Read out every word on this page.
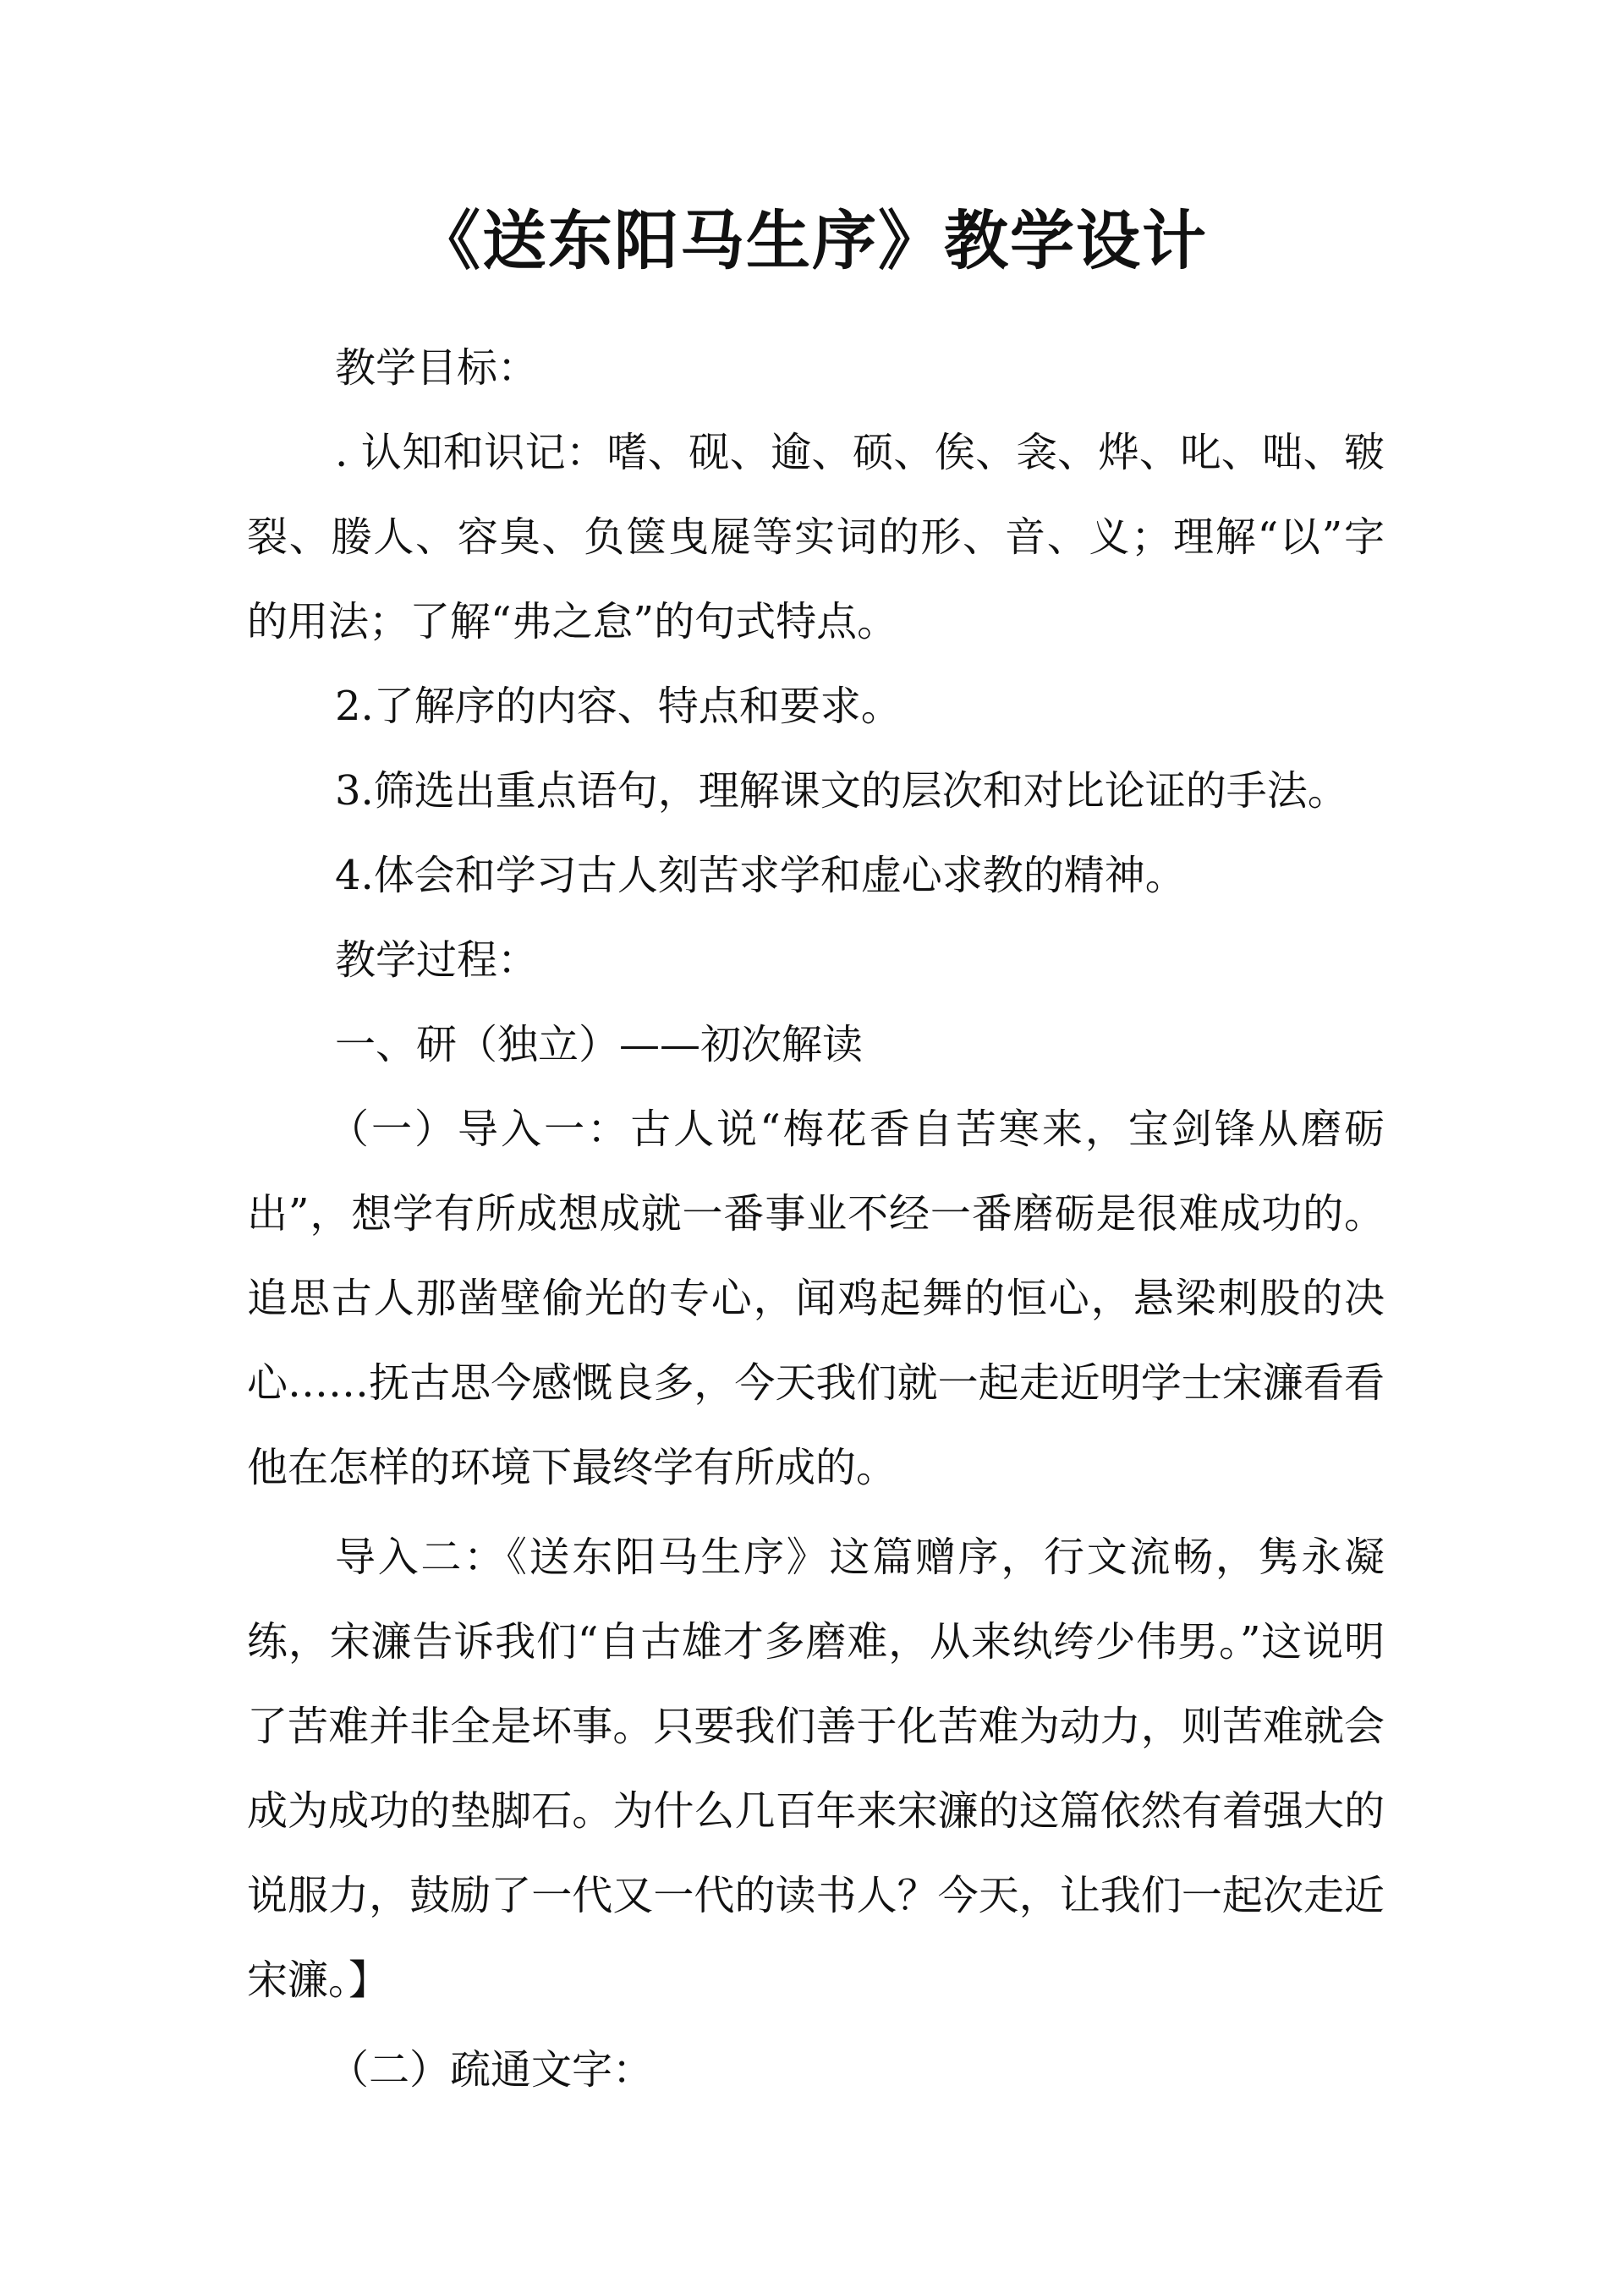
《送东阳马生序》教学设计

教学目标：

. 认知和识记：嗜、砚、逾、硕、俟、衾、烨、叱、咄、皲裂、媵人、容臭、负箧曳屣等实词的形、音、义；理解“以”字的用法；了解“弗之怠”的句式特点。

2.了解序的内容、特点和要求。

3.筛选出重点语句，理解课文的层次和对比论证的手法。

4.体会和学习古人刻苦求学和虚心求教的精神。

教学过程：

一、研（独立）——初次解读

（一）导入一：古人说“梅花香自苦寒来，宝剑锋从磨砺出”，想学有所成想成就一番事业不经一番磨砺是很难成功的。追思古人那凿壁偷光的专心，闻鸡起舞的恒心，悬梁刺股的决心……抚古思今感慨良多，今天我们就一起走近明学士宋濂看看他在怎样的环境下最终学有所成的。

导入二：《送东阳马生序》这篇赠序，行文流畅，隽永凝练，宋濂告诉我们“自古雄才多磨难，从来纨绔少伟男。”这说明了苦难并非全是坏事。只要我们善于化苦难为动力，则苦难就会成为成功的垫脚石。为什么几百年来宋濂的这篇依然有着强大的说服力，鼓励了一代又一代的读书人？今天，让我们一起次走近宋濂。】

（二）疏通文字：
